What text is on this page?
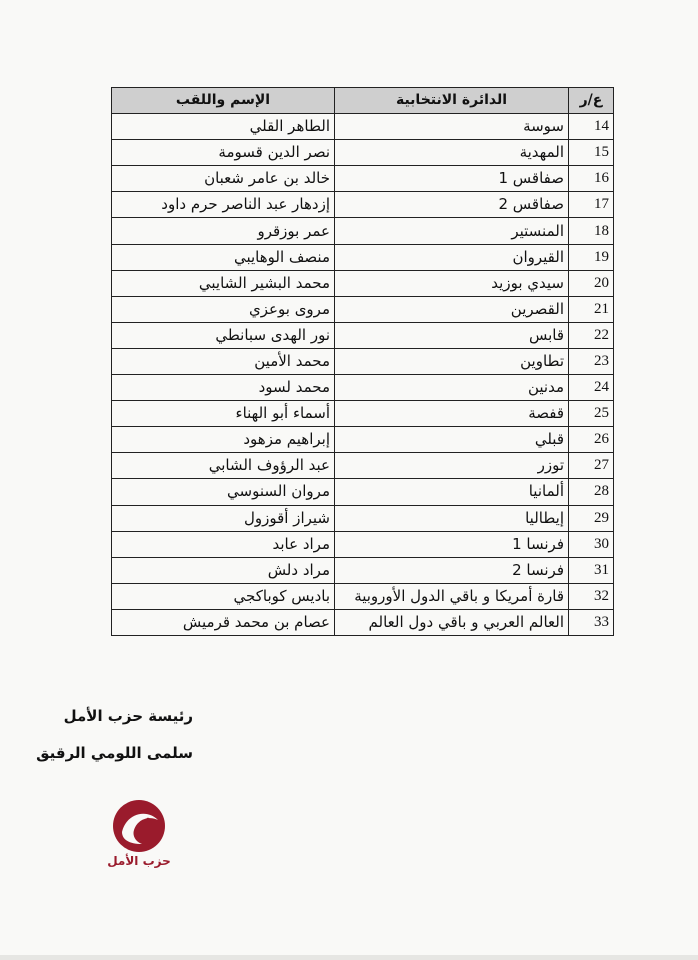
ع/ر	الدائرة الانتخابية	الإسم واللقب
14	سوسة	الطاهر القلي
15	المهدية	نصر الدين قسومة
16	صفاقس 1	خالد بن عامر شعبان
17	صفاقس 2	إزدهار عبد الناصر حرم داود
18	المنستير	عمر بوزقرو
19	القيروان	منصف الوهايبي
20	سيدي بوزيد	محمد البشير الشايبي
21	القصرين	مروى بوعزي
22	قابس	نور الهدى سبانطي
23	تطاوين	محمد الأمين
24	مدنين	محمد لسود
25	قفصة	أسماء أبو الهناء
26	قبلي	إبراهيم مزهود
27	توزر	عبد الرؤوف الشابي
28	ألمانيا	مروان السنوسي
29	إيطاليا	شيراز أقوزول
30	فرنسا 1	مراد عابد
31	فرنسا 2	مراد دلش
32	قارة أمريكا و باقي الدول الأوروبية	باديس كوباكجي
33	العالم العربي و باقي دول العالم	عصام بن محمد قرميش
رئيسة حزب الأمل
سلمى اللومي الرقيق
حزب الأمل
